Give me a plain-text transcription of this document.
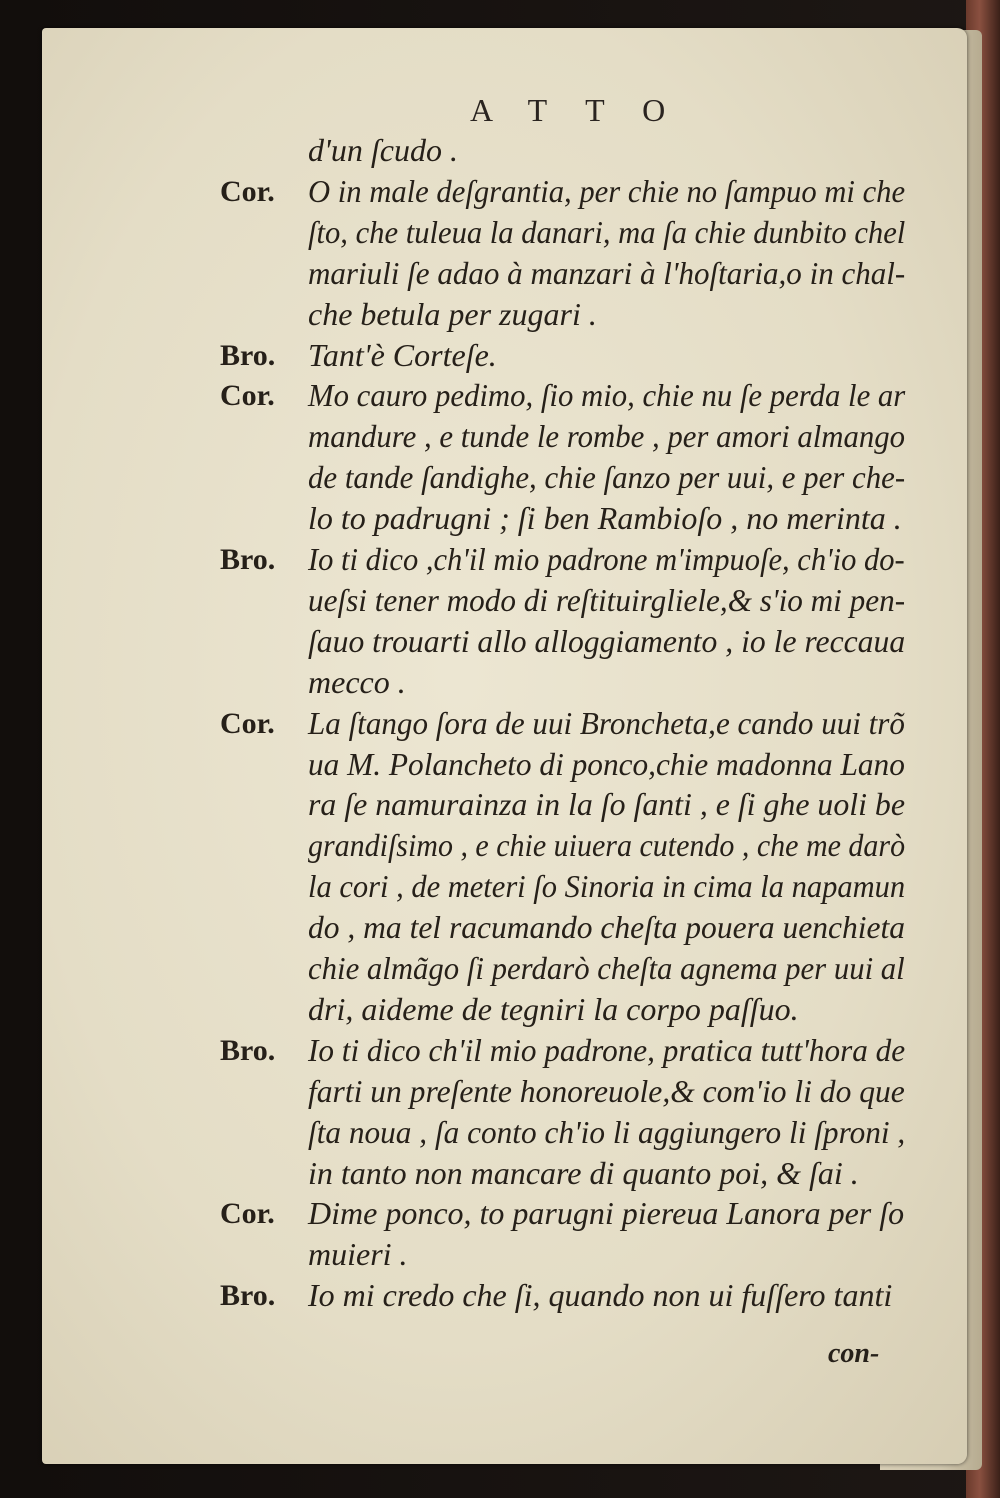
ATTO
d'un ſcudo .
Cor. O in male deſgrantia, per chie no ſampuo mi che
ſto, che tuleua la danari, ma ſa chie dunbito chel
mariuli ſe adao à manzari à l'hoſtaria,o in chal-
che betula per zugari .
Bro. Tant'è Corteſe.
Cor. Mo cauro pedimo, ſio mio, chie nu ſe perda le ar
mandure , e tunde le rombe , per amori almango
de tande ſandighe, chie ſanzo per uui, e per che-
lo to padrugni ; ſi ben Rambioſo , no merinta .
Bro. Io ti dico ,ch'il mio padrone m'impuoſe, ch'io do-
ueſsi tener modo di reſtituirgliele,& s'io mi pen-
ſauo trouarti allo alloggiamento , io le reccaua
mecco .
Cor. La ſtango ſora de uui Broncheta,e cando uui trõ
ua M. Polancheto di ponco,chie madonna Lano
ra ſe namurainza in la ſo ſanti , e ſi ghe uoli be
grandiſsimo , e chie uiuera cutendo , che me darò
la cori , de meteri ſo Sinoria in cima la napamun
do , ma tel racumando cheſta pouera uenchieta
chie almãgo ſi perdarò cheſta agnema per uui al
dri, aideme de tegniri la corpo paſſuo.
Bro. Io ti dico ch'il mio padrone, pratica tutt'hora de
farti un preſente honoreuole,& com'io li do que
ſta noua , ſa conto ch'io li aggiungero li ſproni ,
in tanto non mancare di quanto poi, & ſai .
Cor. Dime ponco, to parugni piereua Lanora per ſo
muieri .
Bro. Io mi credo che ſi, quando non ui fuſſero tanti
con-
